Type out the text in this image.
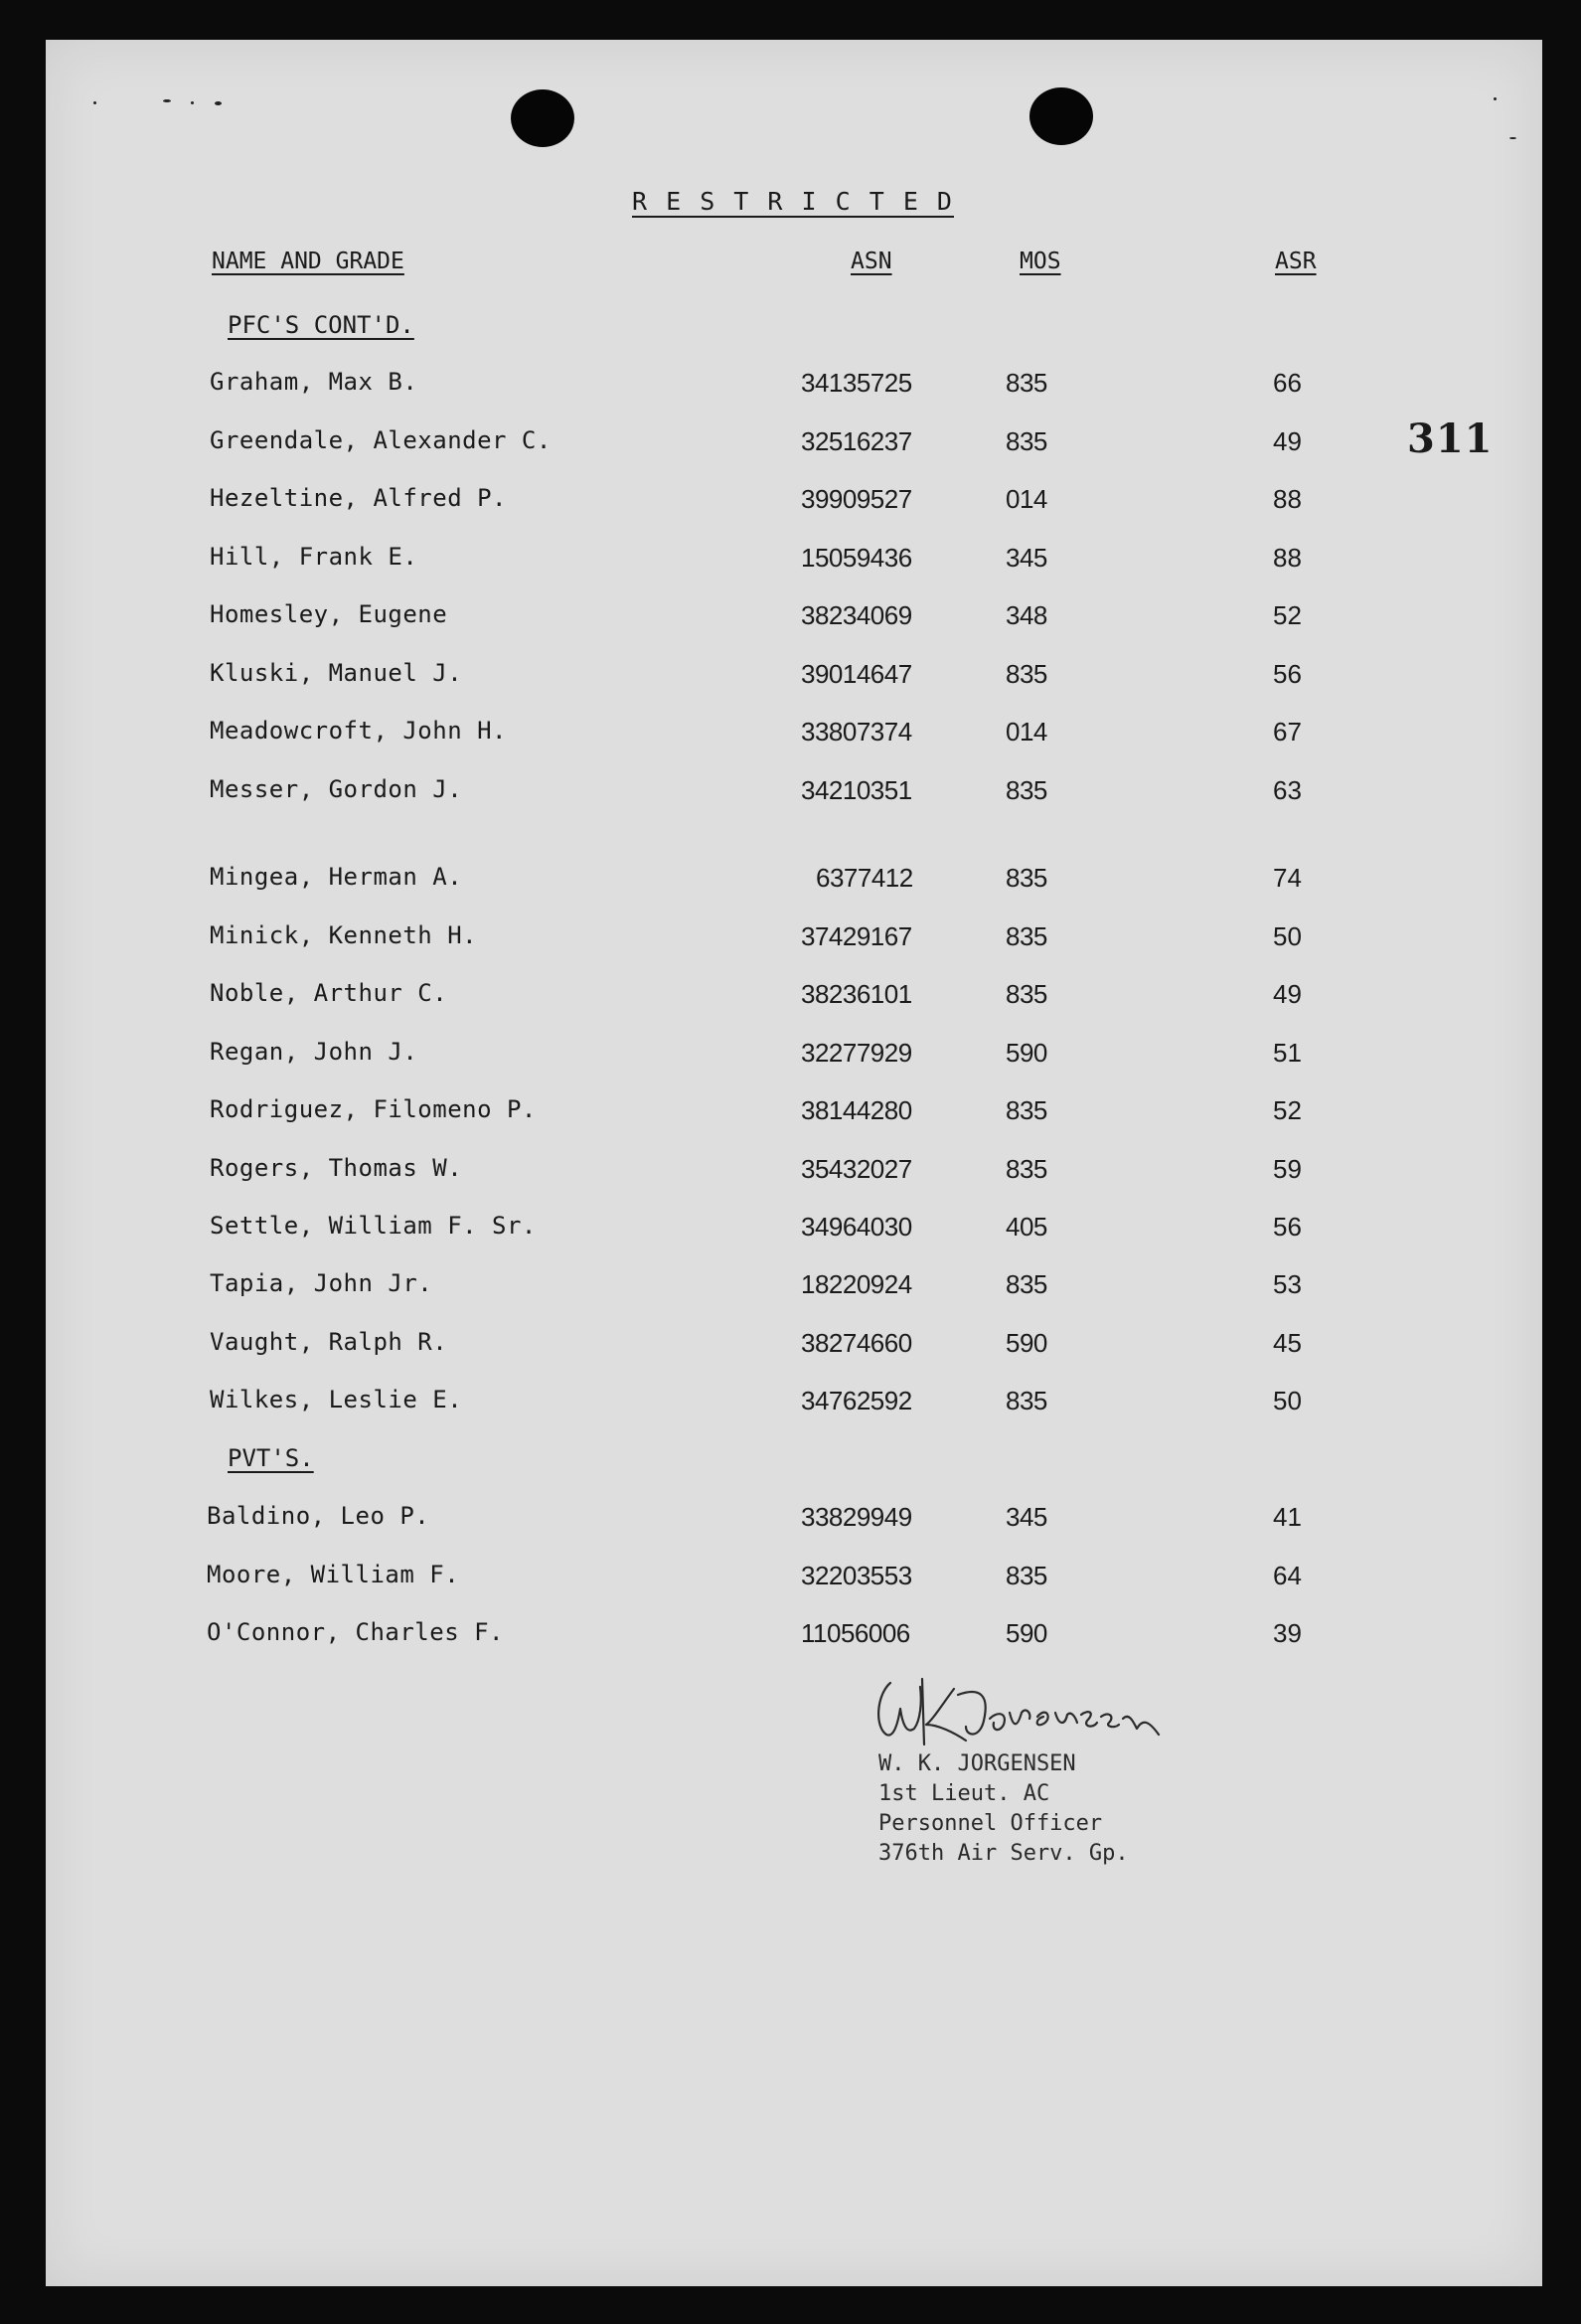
R E S T R I C T E D
NAME AND GRADE	ASN	MOS	ASR
311
PFC'S CONT'D.
Graham, Max B.	34135725	835	66
Greendale, Alexander C.	32516237	835	49
Hezeltine, Alfred P.	39909527	014	88
Hill, Frank E.	15059436	345	88
Homesley, Eugene	38234069	348	52
Kluski, Manuel J.	39014647	835	56
Meadowcroft, John H.	33807374	014	67
Messer, Gordon J.	34210351	835	63
Mingea, Herman A.	6377412	835	74
Minick, Kenneth H.	37429167	835	50
Noble, Arthur C.	38236101	835	49
Regan, John J.	32277929	590	51
Rodriguez, Filomeno P.	38144280	835	52
Rogers, Thomas W.	35432027	835	59
Settle, William F. Sr.	34964030	405	56
Tapia, John Jr.	18220924	835	53
Vaught, Ralph R.	38274660	590	45
Wilkes, Leslie E.	34762592	835	50
PVT'S.
Baldino, Leo P.	33829949	345	41
Moore, William F.	32203553	835	64
O'Connor, Charles F.	11056006	590	39
WKJorgensen
W. K. JORGENSEN
1st Lieut. AC
Personnel Officer
376th Air Serv. Gp.
